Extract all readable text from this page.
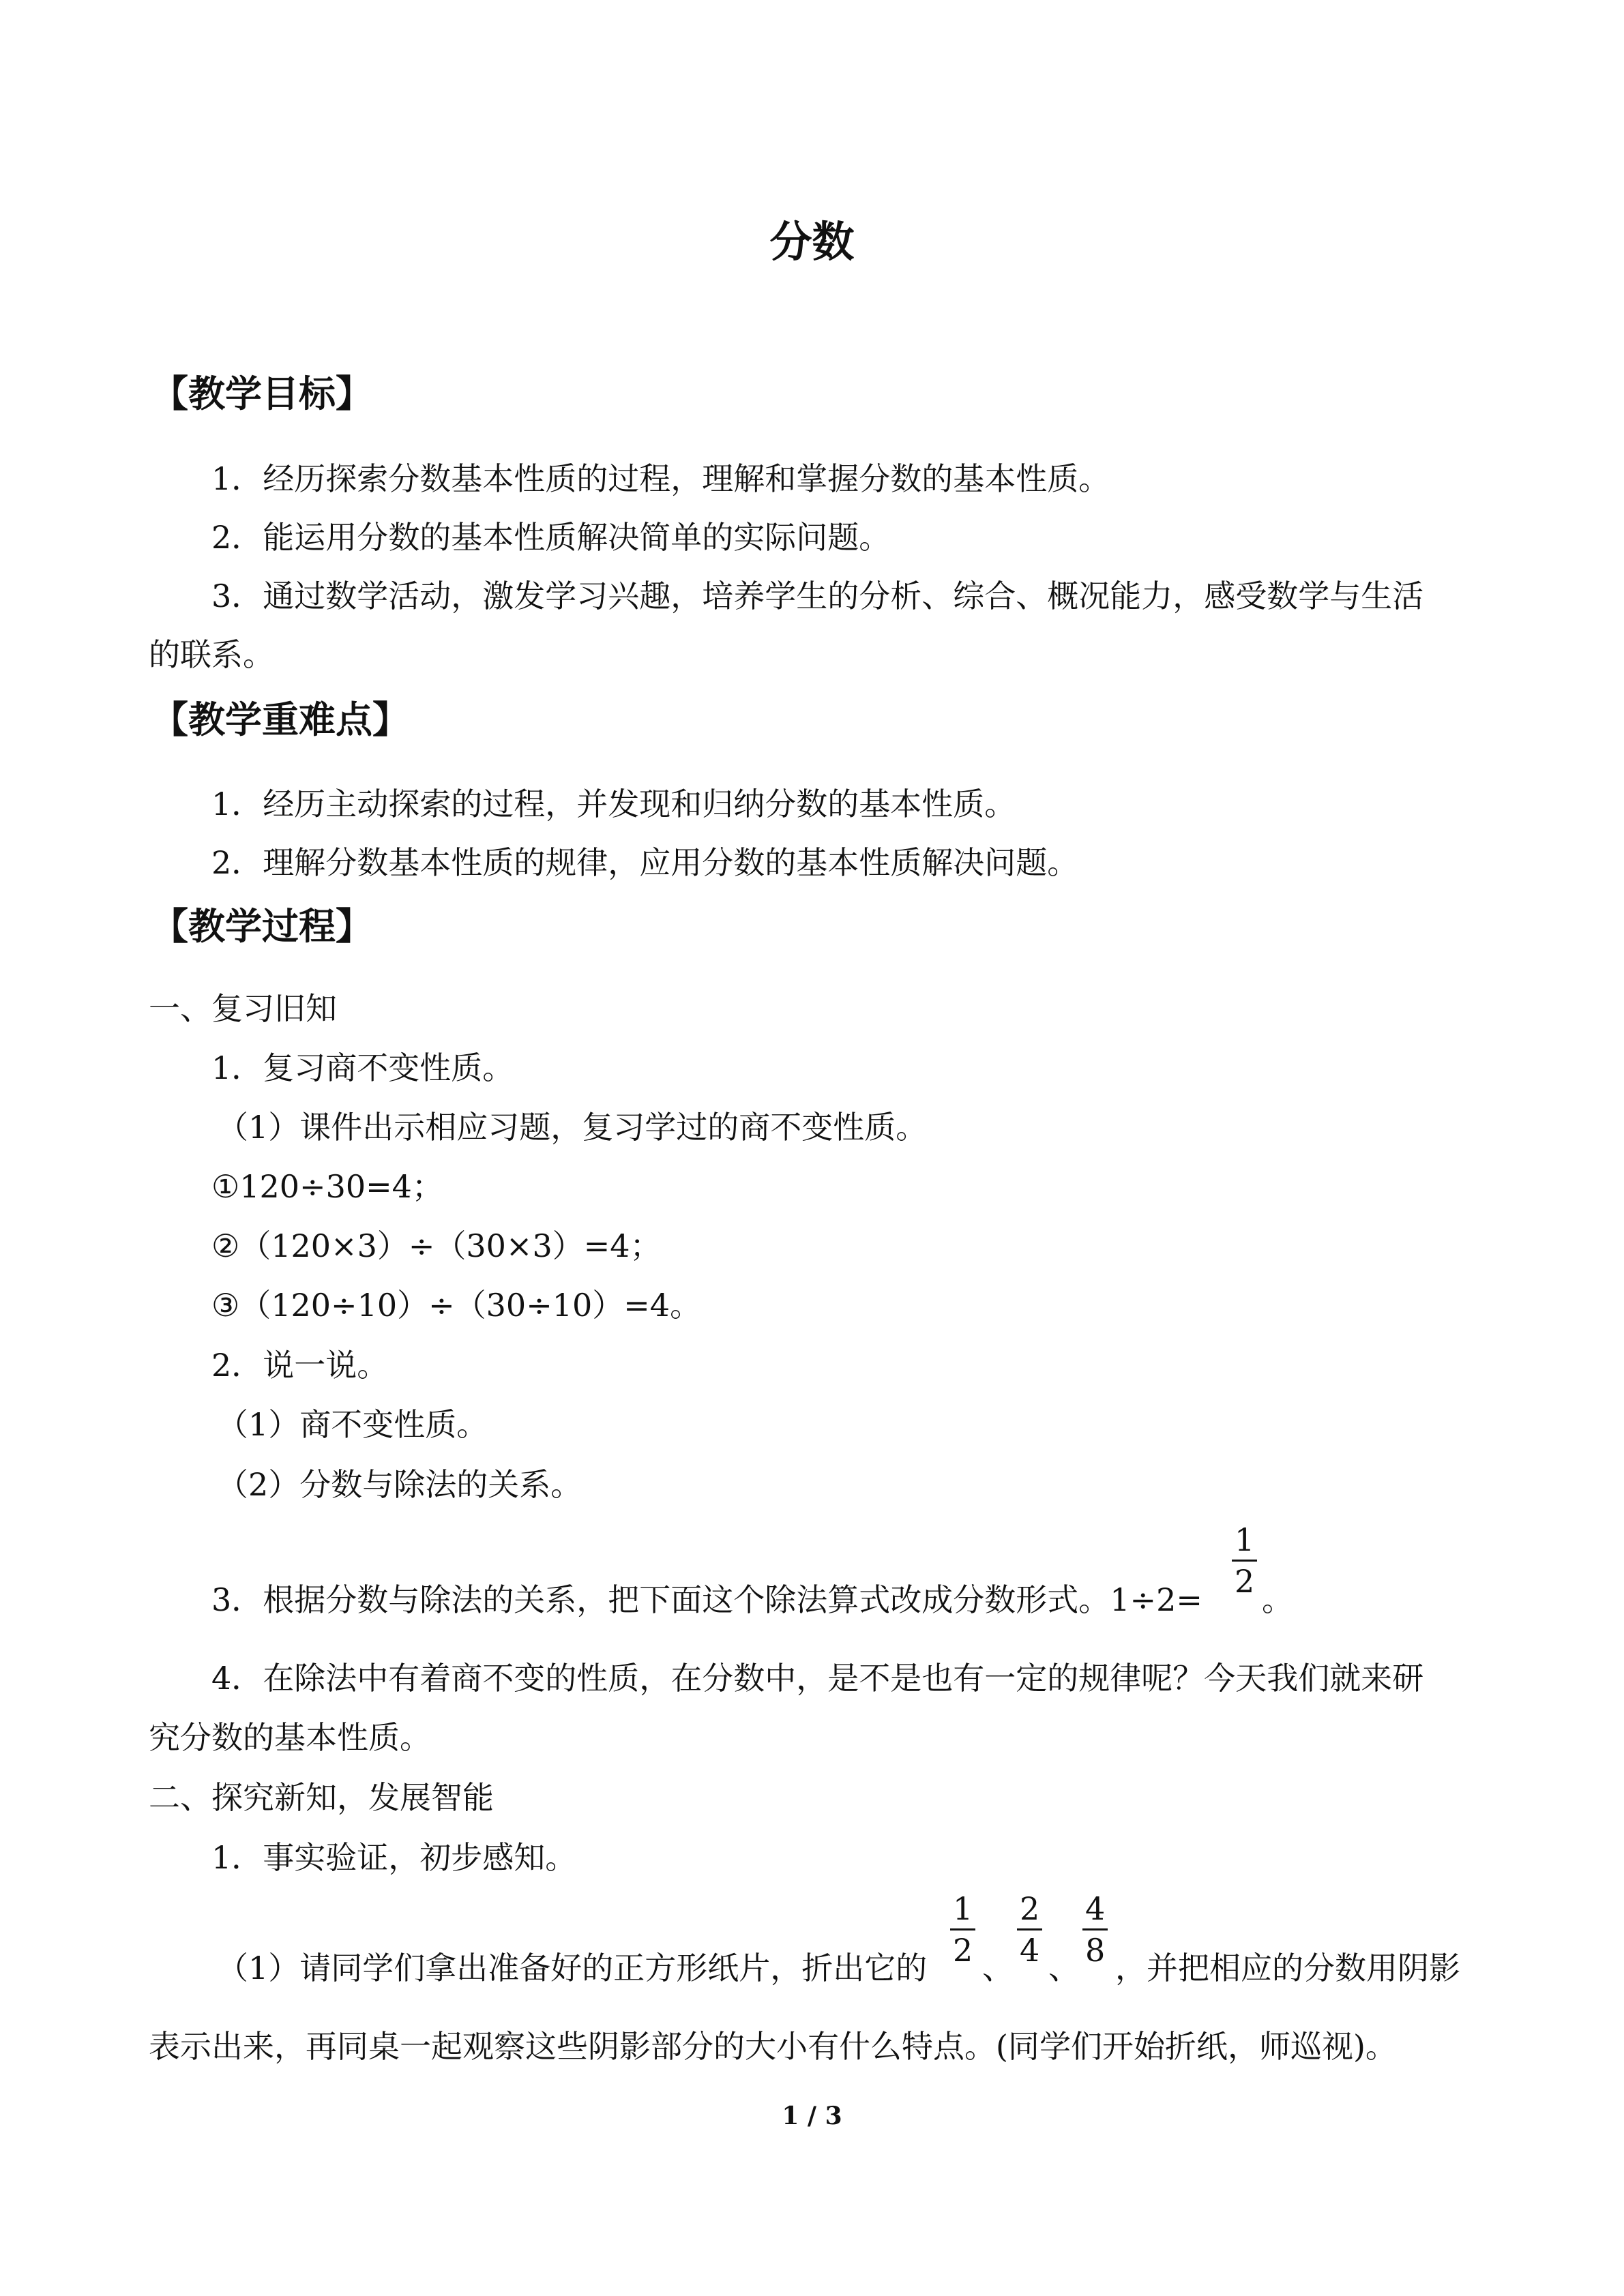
分数
【教学目标】
1．经历探索分数基本性质的过程，理解和掌握分数的基本性质。
2．能运用分数的基本性质解决简单的实际问题。
3．通过数学活动，激发学习兴趣，培养学生的分析、综合、概况能力，感受数学与生活
的联系。
【教学重难点】
1．经历主动探索的过程，并发现和归纳分数的基本性质。
2．理解分数基本性质的规律，应用分数的基本性质解决问题。
【教学过程】
一、复习旧知
1．复习商不变性质。
（1）课件出示相应习题，复习学过的商不变性质。
①120÷30=4；
②（120×3）÷（30×3）=4；
③（120÷10）÷（30÷10）=4。
2．说一说。
（1）商不变性质。
（2）分数与除法的关系。
3．根据分数与除法的关系，把下面这个除法算式改成分数形式。1÷2=
$\frac{1}{2}$
。
4．在除法中有着商不变的性质，在分数中，是不是也有一定的规律呢？今天我们就来研
究分数的基本性质。
二、探究新知，发展智能
1．事实验证，初步感知。
（1）请同学们拿出准备好的正方形纸片，折出它的
$\frac{1}{2}$
、
$\frac{2}{4}$
、
$\frac{4}{8}$
，并把相应的分数用阴影
表示出来，再同桌一起观察这些阴影部分的大小有什么特点。(同学们开始折纸，师巡视)。
1 / 3
